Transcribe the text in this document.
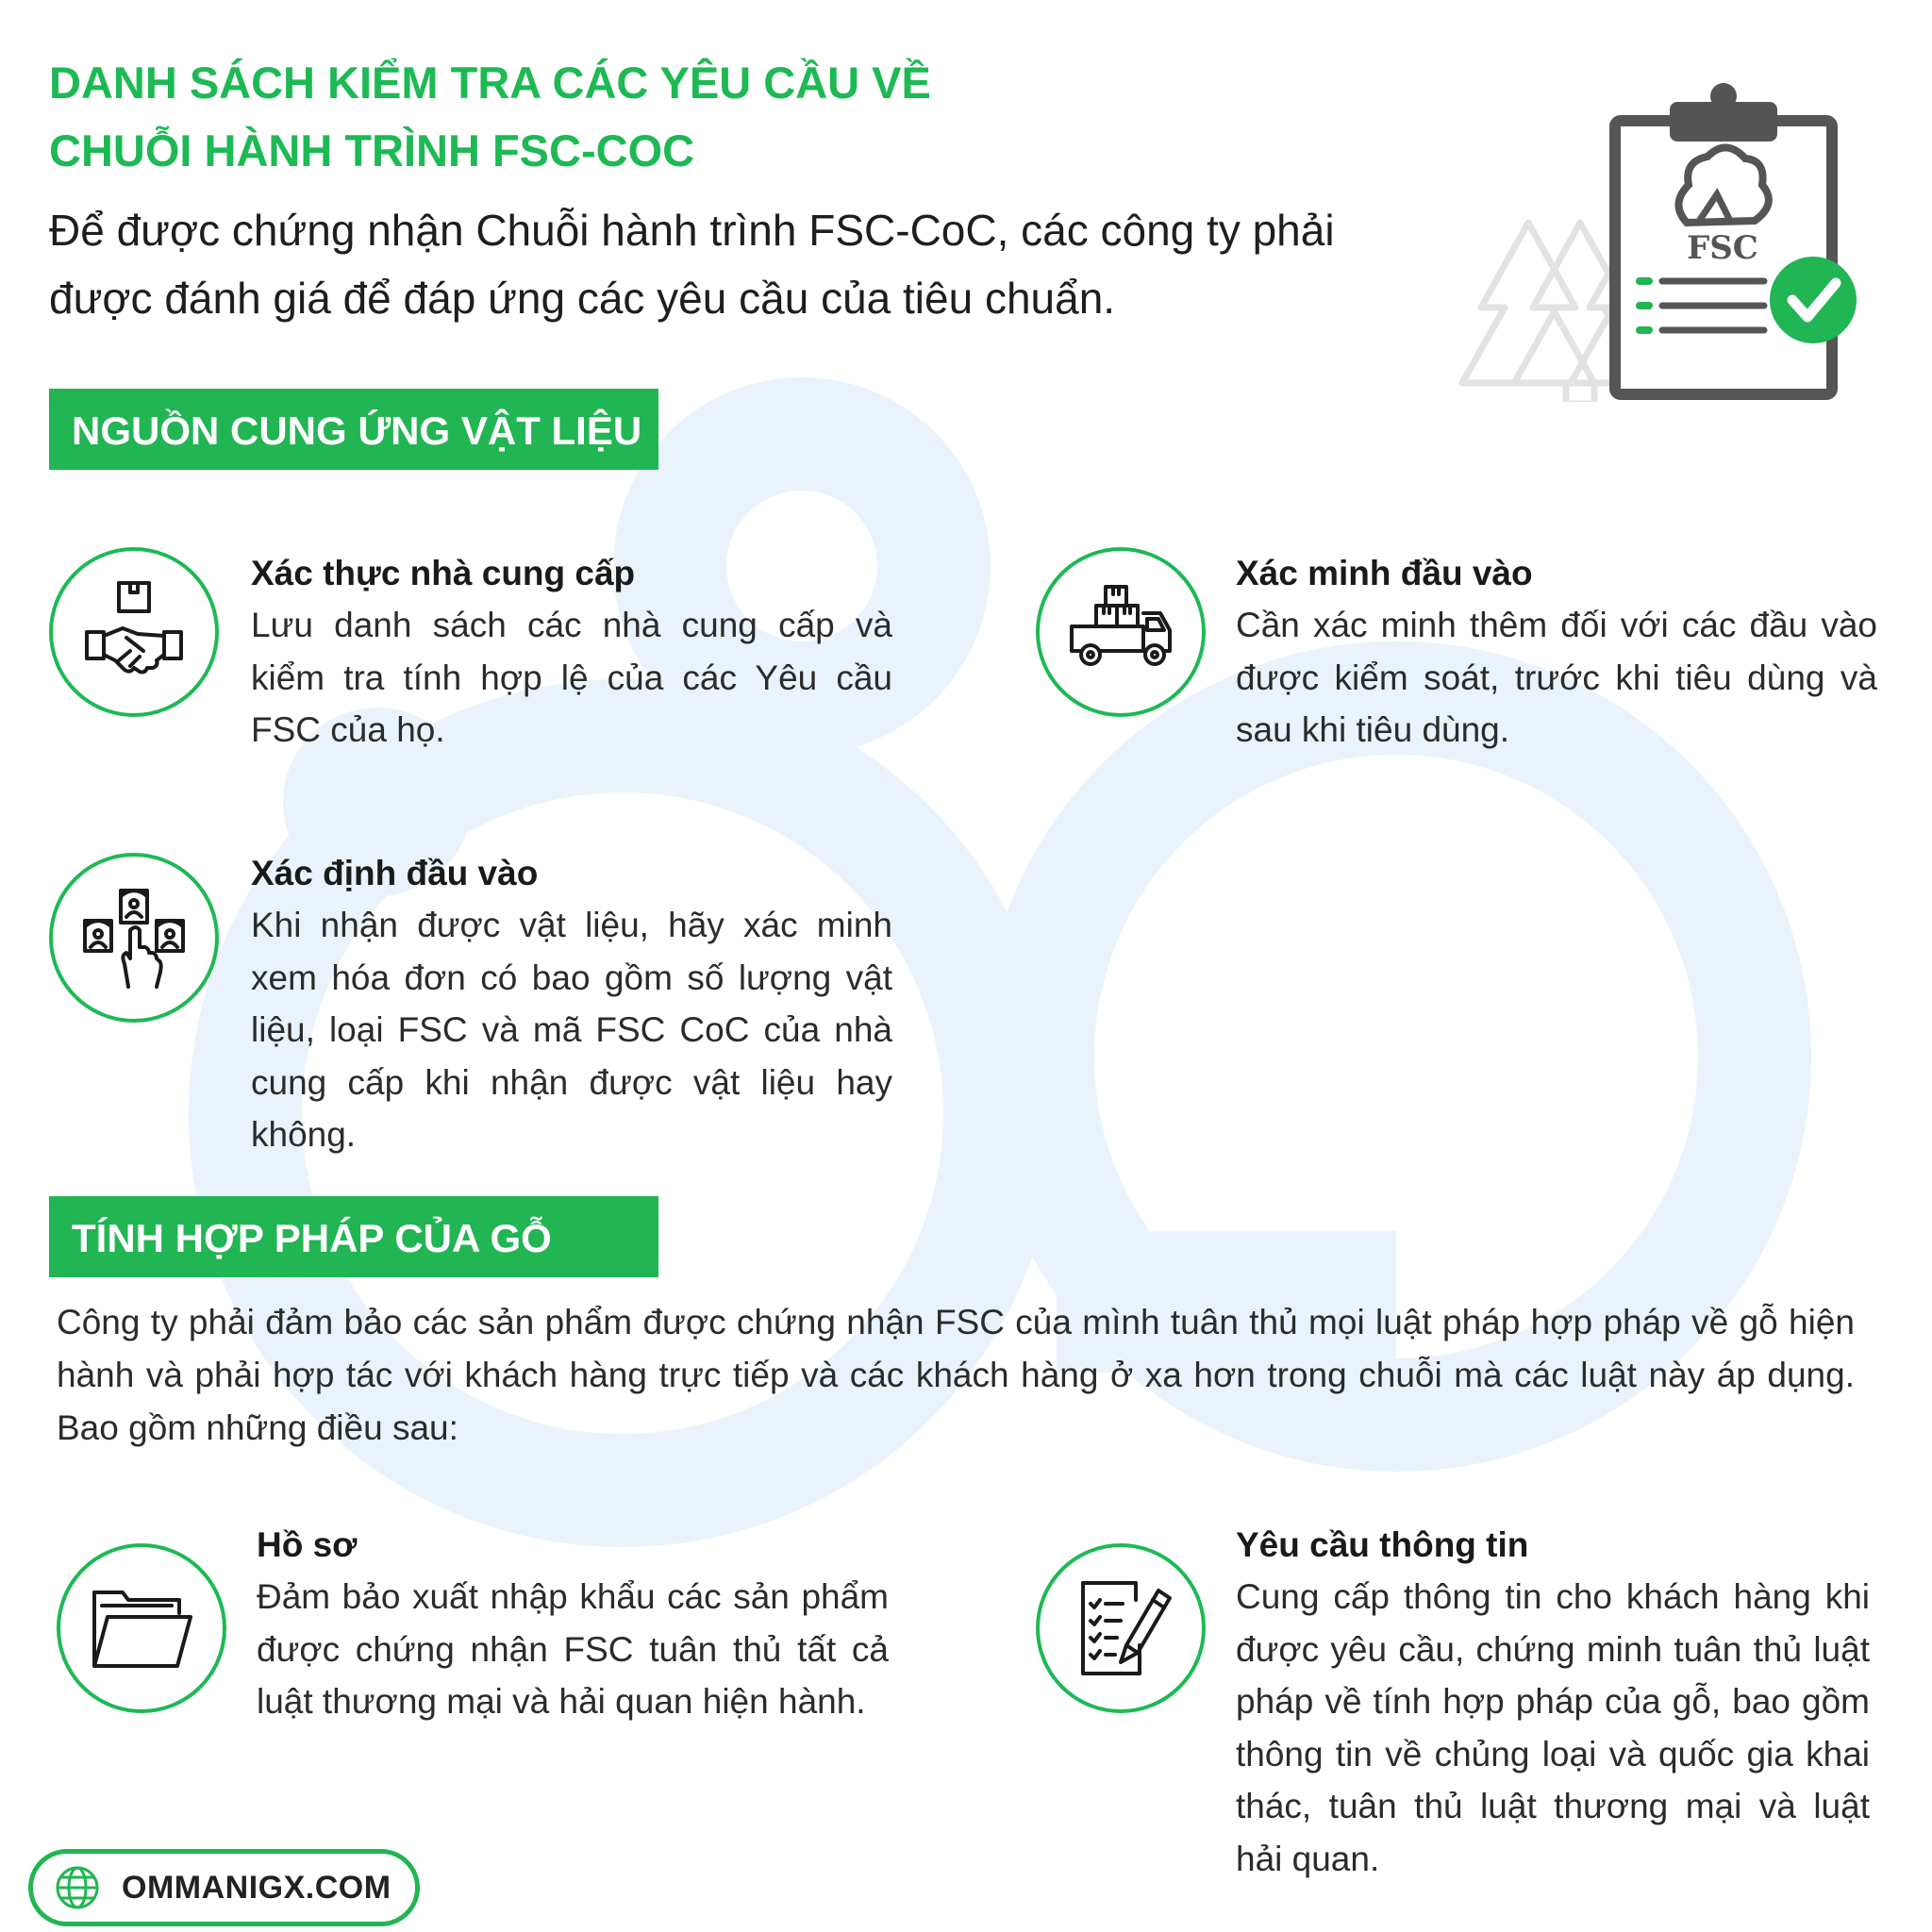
DANH SÁCH KIỂM TRA CÁC YÊU CẦU VỀ
CHUỖI HÀNH TRÌNH FSC-COC

Để được chứng nhận Chuỗi hành trình FSC-CoC, các công ty phải được đánh giá để đáp ứng các yêu cầu của tiêu chuẩn.

FSC
NGUỒN CUNG ỨNG VẬT LIỆU
Xác thực nhà cung cấp
Lưu danh sách các nhà cung cấp và kiểm tra tính hợp lệ của các Yêu cầu FSC của họ.
Xác minh đầu vào
Cần xác minh thêm đối với các đầu vào được kiểm soát, trước khi tiêu dùng và sau khi tiêu dùng.
Xác định đầu vào
Khi nhận được vật liệu, hãy xác minh xem hóa đơn có bao gồm số lượng vật liệu, loại FSC và mã FSC CoC của nhà cung cấp khi nhận được vật liệu hay không.
TÍNH HỢP PHÁP CỦA GỖ

Công ty phải đảm bảo các sản phẩm được chứng nhận FSC của mình tuân thủ mọi luật pháp hợp pháp về gỗ hiện hành và phải hợp tác với khách hàng trực tiếp và các khách hàng ở xa hơn trong chuỗi mà các luật này áp dụng. Bao gồm những điều sau:

Hồ sơ
Đảm bảo xuất nhập khẩu các sản phẩm được chứng nhận FSC tuân thủ tất cả luật thương mại và hải quan hiện hành.
Yêu cầu thông tin
Cung cấp thông tin cho khách hàng khi được yêu cầu, chứng minh tuân thủ luật pháp về tính hợp pháp của gỗ, bao gồm thông tin về chủng loại và quốc gia khai thác, tuân thủ luật thương mại và luật hải quan.
OMMANIGX.COM
